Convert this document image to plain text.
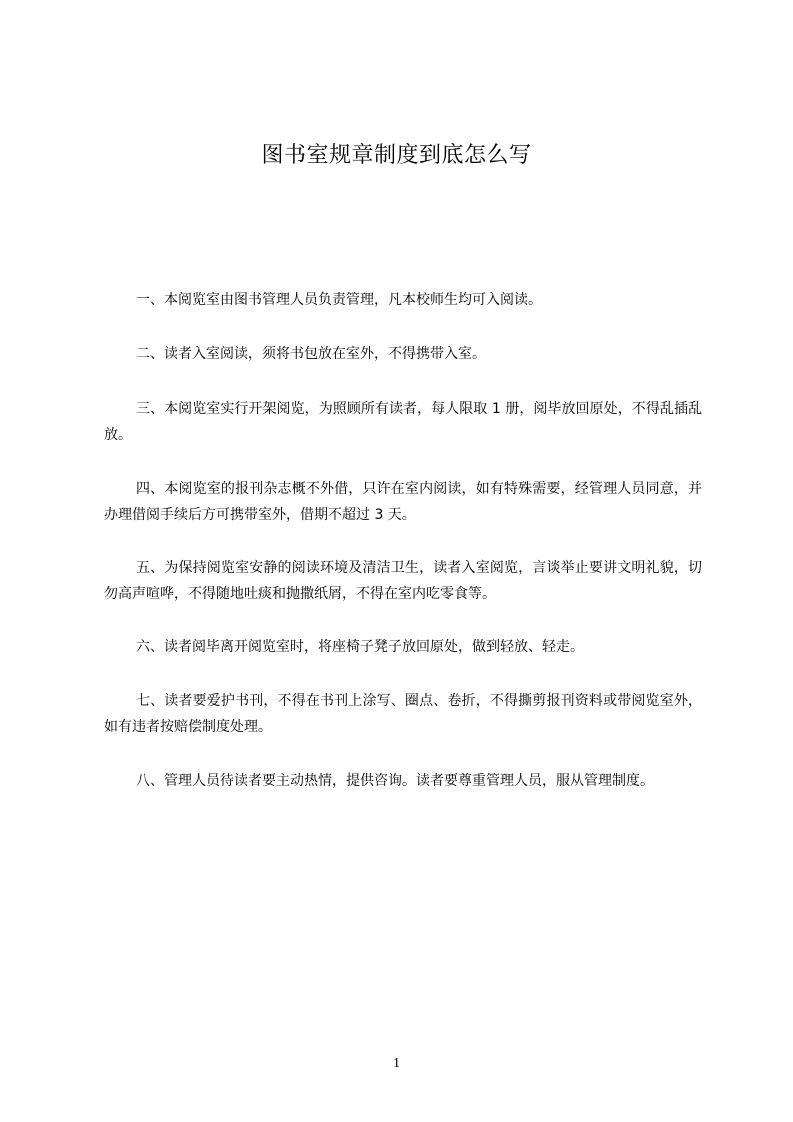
图书室规章制度到底怎么写

一、本阅览室由图书管理人员负责管理，凡本校师生均可入阅读。

二、读者入室阅读，须将书包放在室外，不得携带入室。

三、本阅览室实行开架阅览，为照顾所有读者，每人限取 1 册，阅毕放回原处，不得乱插乱放。

四、本阅览室的报刊杂志概不外借，只许在室内阅读，如有特殊需要，经管理人员同意，并办理借阅手续后方可携带室外，借期不超过 3 天。

五、为保持阅览室安静的阅读环境及清洁卫生，读者入室阅览，言谈举止要讲文明礼貌，切勿高声喧哗，不得随地吐痰和抛撒纸屑，不得在室内吃零食等。

六、读者阅毕离开阅览室时，将座椅子凳子放回原处，做到轻放、轻走。

七、读者要爱护书刊，不得在书刊上涂写、圈点、卷折，不得撕剪报刊资料或带阅览室外，如有违者按赔偿制度处理。

八、管理人员待读者要主动热情，提供咨询。读者要尊重管理人员，服从管理制度。

1
